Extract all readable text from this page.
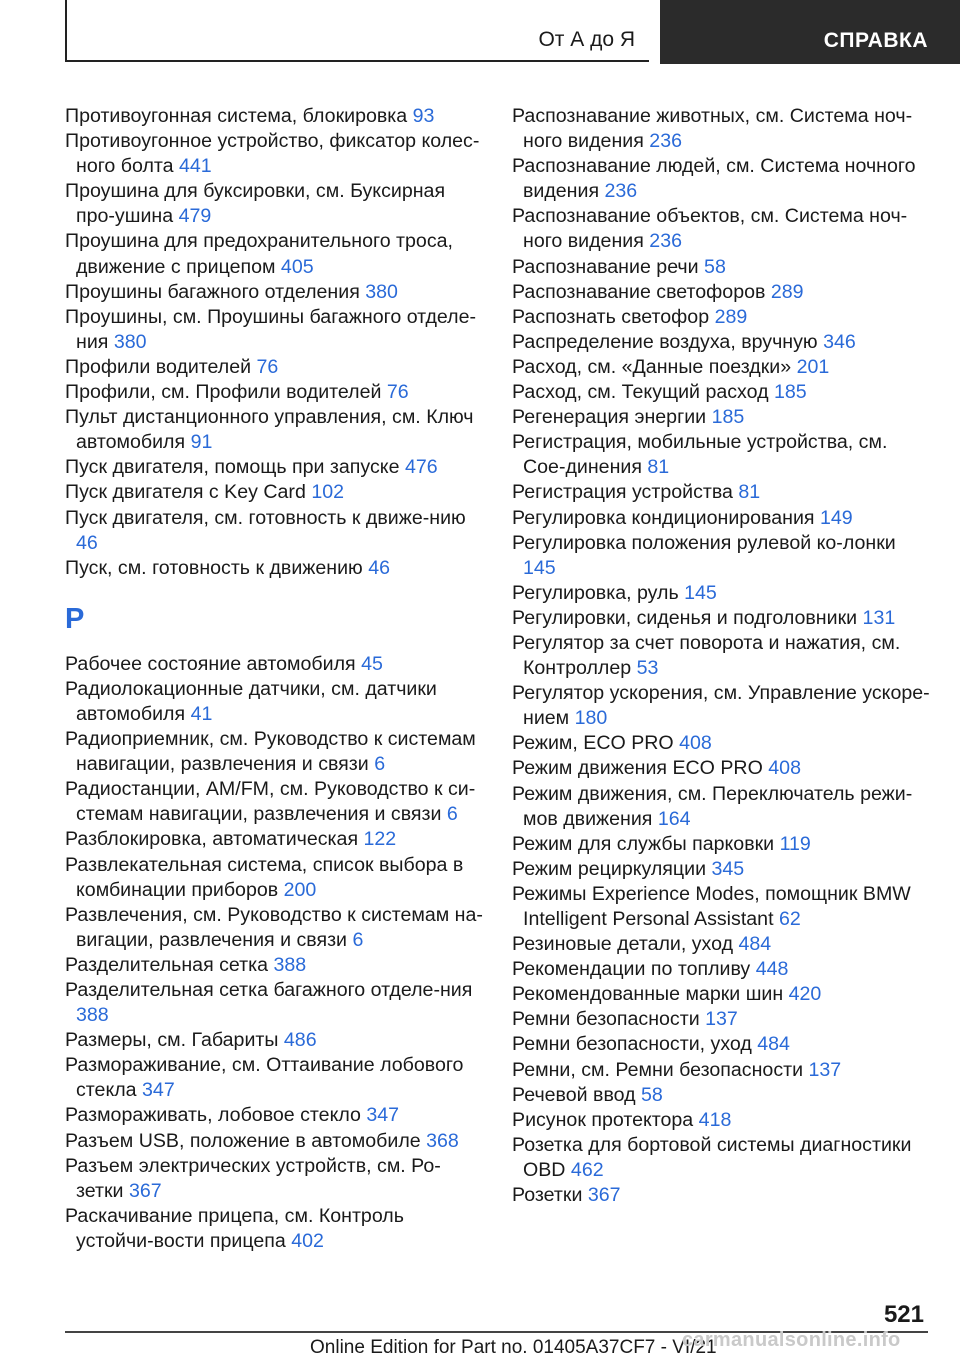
От А до Я	СПРАВКА
Противоугонная система, блокировка 93
Противоугонное устройство, фиксатор колес-ного болта 441
Проушина для буксировки, см. Буксирная про-ушина 479
Проушина для предохранительного троса, движение с прицепом 405
Проушины багажного отделения 380
Проушины, см. Проушины багажного отделе-ния 380
Профили водителей 76
Профили, см. Профили водителей 76
Пульт дистанционного управления, см. Ключ автомобиля 91
Пуск двигателя, помощь при запуске 476
Пуск двигателя с Key Card 102
Пуск двигателя, см. готовность к движе-нию 46
Пуск, см. готовность к движению 46
Р
Рабочее состояние автомобиля 45
Радиолокационные датчики, см. датчики автомобиля 41
Радиоприемник, см. Руководство к системам навигации, развлечения и связи 6
Радиостанции, AM/FM, см. Руководство к си-стемам навигации, развлечения и связи 6
Разблокировка, автоматическая 122
Развлекательная система, список выбора в комбинации приборов 200
Развлечения, см. Руководство к системам на-вигации, развлечения и связи 6
Разделительная сетка 388
Разделительная сетка багажного отделе-ния 388
Размеры, см. Габариты 486
Размораживание, см. Оттаивание лобового стекла 347
Размораживать, лобовое стекло 347
Разъем USB, положение в автомобиле 368
Разъем электрических устройств, см. Ро-зетки 367
Раскачивание прицепа, см. Контроль устойчи-вости прицепа 402
Распознавание животных, см. Система ноч-ного видения 236
Распознавание людей, см. Система ночного видения 236
Распознавание объектов, см. Система ноч-ного видения 236
Распознавание речи 58
Распознавание светофоров 289
Распознать светофор 289
Распределение воздуха, вручную 346
Расход, см. «Данные поездки» 201
Расход, см. Текущий расход 185
Регенерация энергии 185
Регистрация, мобильные устройства, см. Сое-динения 81
Регистрация устройства 81
Регулировка кондиционирования 149
Регулировка положения рулевой ко-лонки 145
Регулировка, руль 145
Регулировки, сиденья и подголовники 131
Регулятор за счет поворота и нажатия, см. Контроллер 53
Регулятор ускорения, см. Управление ускоре-нием 180
Режим, ECO PRO 408
Режим движения ECO PRO 408
Режим движения, см. Переключатель режи-мов движения 164
Режим для службы парковки 119
Режим рециркуляции 345
Режимы Experience Modes, помощник BMW Intelligent Personal Assistant 62
Резиновые детали, уход 484
Рекомендации по топливу 448
Рекомендованные марки шин 420
Ремни безопасности 137
Ремни безопасности, уход 484
Ремни, см. Ремни безопасности 137
Речевой ввод 58
Рисунок протектора 418
Розетка для бортовой системы диагностики OBD 462
Розетки 367
521
Online Edition for Part no. 01405A37CF7 - VI/21
carmanualsonline.info
